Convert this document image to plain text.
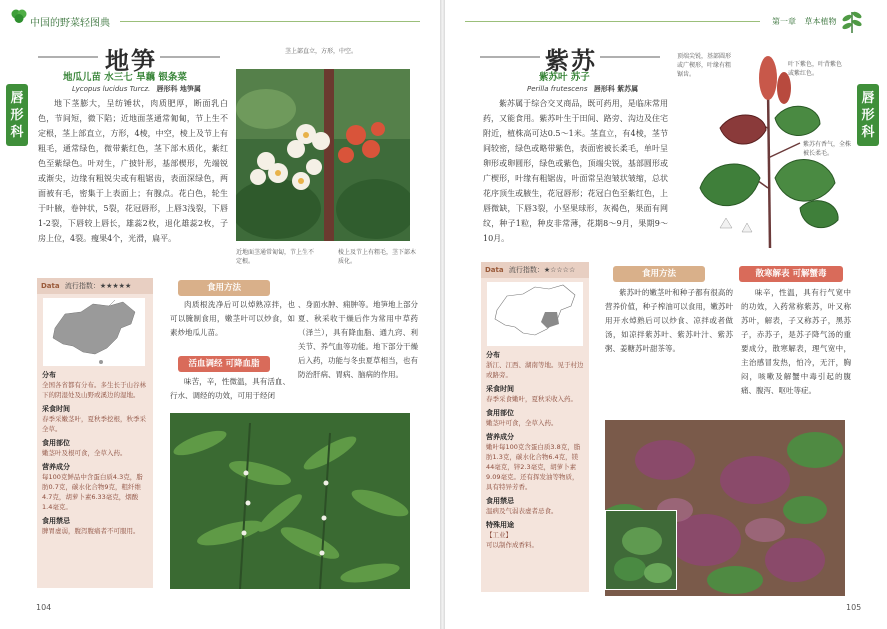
中国的野菜轻图典
唇形科
地笋
地瓜儿苗 水三七 旱藕 银条菜
Lycopus lucidus Turcz. 唇形科 地笋属
地下茎膨大，呈纺锤状，肉质肥厚，断面乳白色，节间短，微下陷；近地面茎通常匍匐，节上生不定根，茎上部直立，方形，4棱，中空，棱上及节上有粗毛，通常绿色，微带紫红色，茎下部木质化，紫红色至紫绿色。叶对生，广披针形，基部楔形，先端锐或渐尖，边缘有粗锐尖或有粗锯齿，表面深绿色，两面被有毛，密集于上表面上；有腺点。花白色，轮生于叶腋，卷钟状，5裂，花冠唇形，上唇3浅裂，下唇1-2裂，下唇较上唇长，雄蕊2枚，退化雄蕊2枚，子房上位，4裂。瘦果4个，光滑，扁平。
茎上部直立，方形，中空。
近地面茎通常匍匐，节上生不定根。
棱上及节上有粗毛，茎下部木质化。
Data 流行指数：★★★★★
分布

全国各省都有分布。多生长于山谷林下的阴湿处及山野或溪边的湿地。

采食时间

春季采嫩茎叶，夏秋季挖根，秋季采全草。

食用部位

嫩茎叶及根可食，全草入药。

营养成分

每100克鲜品中含蛋白质4.3克，脂肪0.7克，碳水化合物9克，粗纤维4.7克，胡萝卜素6.33毫克，烟酸1.4毫克。

食用禁忌

脾胃虚弱，腹泻腹痛者不可服用。

食用方法
肉质根洗净后可以焯熟凉拌，也可以腌制食用，嫩茎叶可以炒食，如素炒地瓜儿苗。
活血调经 可降血脂
味苦，辛，性微温，具有活血、行水、调经的功效，可用于经闭
、身面水肿、痈肿等。地笋地上部分夏、秋采收干燥后作为常用中草药（泽兰），具有降血脂、通九窍、利关节、养气血等功能。地下部分干燥后入药，功能与冬虫夏草相当，也有防治肝病、胃病、脑病的作用。
104
第一章 草本植物
唇形科
紫苏
紫苏叶 苏子
Perilla frutescens 唇形科 紫苏属
紫苏属于综合交叉商品，既可药用，是临床常用药，又能食用。紫苏叶生于田间、路旁、沟边及住宅附近，植株高可达0.5～1米。茎直立，有4棱，茎节间较密，绿色或略带紫色，表面密被长柔毛，单叶呈卵形或卵圆形，绿色或紫色，顶端尖锐，基部圆形或广楔形，叶缘有粗锯齿，叶面常呈泡皱状皱缩，总状花序顶生或腋生，花冠唇形；花冠白色至紫红色，上唇微缺，下唇3裂，小坚果球形，灰褐色，果面有网纹，种子1粒，种皮非常薄，花期8～9月，果期9～10月。
顶端尖锐，基部圆形或广楔形，叶缘有粗锯齿。
叶下紫色，叶背紫色或紫红色。
紫苏有香气，全株被长柔毛。
Data 流行指数：★☆☆☆☆
分布

浙江、江西、湖南等地。见于村边或路旁。

采食时间

春季采食嫩叶，夏秋采收入药。

食用部位

嫩茎叶可食，全草入药。

营养成分

嫩叶每100克含蛋白质3.8克，脂肪1.3克，碳水化合物6.4克，镁44毫克，锌2.3毫克，胡萝卜素9.09毫克。还有挥发油等物质，具有特异芳香。

食用禁忌

温病及气弱表虚者忌食。

特殊用途

【工业】
可以制作成香料。

食用方法
紫苏叶的嫩茎叶和种子都有很高的营养价值，种子榨油可以食用，嫩苏叶用开水焯熟后可以炒食、凉拌或者做汤，如凉拌紫苏叶、紫苏叶汁、紫苏粥、姜糖苏叶甜茶等。
散寒解表 可解蟹毒
味辛，性温，具有行气宽中的功效，入药常称紫苏，叶又称苏叶，解表，子又称苏子，黑苏子，赤苏子，是苏子降气汤的重要成分，散寒解表，理气宽中，主治感冒发热，怕冷，无汗，胸闷，咳嗽及解蟹中毒引起的腹痛、腹泻、呕吐等症。
105
